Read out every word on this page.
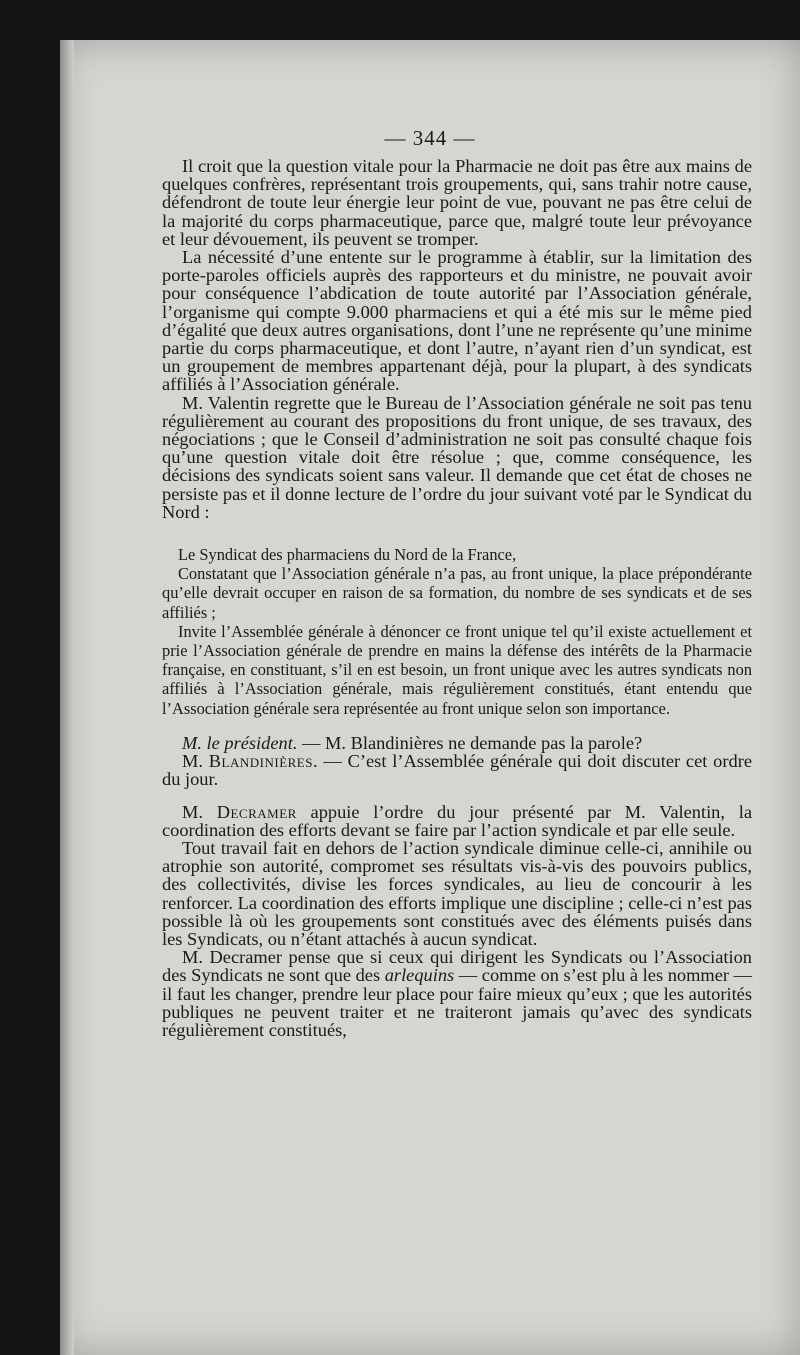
— 344 —

Il croit que la question vitale pour la Pharmacie ne doit pas être aux mains de quelques confrères, représentant trois groupements, qui, sans trahir notre cause, défendront de toute leur énergie leur point de vue, pouvant ne pas être celui de la majorité du corps pharmaceutique, parce que, malgré toute leur prévoyance et leur dévouement, ils peuvent se tromper.

La nécessité d’une entente sur le programme à établir, sur la limitation des porte-paroles officiels auprès des rapporteurs et du ministre, ne pouvait avoir pour conséquence l’abdication de toute autorité par l’Association générale, l’organisme qui compte 9.000 pharmaciens et qui a été mis sur le même pied d’égalité que deux autres organisations, dont l’une ne représente qu’une minime partie du corps pharmaceutique, et dont l’autre, n’ayant rien d’un syndicat, est un groupement de membres appartenant déjà, pour la plupart, à des syndicats affiliés à l’Association générale.

M. Valentin regrette que le Bureau de l’Association générale ne soit pas tenu régulièrement au courant des propositions du front unique, de ses travaux, des négociations ; que le Conseil d’administration ne soit pas consulté chaque fois qu’une question vitale doit être résolue ; que, comme conséquence, les décisions des syndicats soient sans valeur. Il demande que cet état de choses ne persiste pas et il donne lecture de l’ordre du jour suivant voté par le Syndicat du Nord :

Le Syndicat des pharmaciens du Nord de la France,

Constatant que l’Association générale n’a pas, au front unique, la place prépondérante qu’elle devrait occuper en raison de sa formation, du nombre de ses syndicats et de ses affiliés ;

Invite l’Assemblée générale à dénoncer ce front unique tel qu’il existe actuellement et prie l’Association générale de prendre en mains la défense des intérêts de la Pharmacie française, en constituant, s’il en est besoin, un front unique avec les autres syndicats non affiliés à l’Association générale, mais régulièrement constitués, étant entendu que l’Association générale sera représentée au front unique selon son importance.

M. le président. — M. Blandinières ne demande pas la parole?

M. Blandinières. — C’est l’Assemblée générale qui doit discuter cet ordre du jour.

M. Decramer appuie l’ordre du jour présenté par M. Valentin, la coordination des efforts devant se faire par l’action syndicale et par elle seule.

Tout travail fait en dehors de l’action syndicale diminue celle-ci, annihile ou atrophie son autorité, compromet ses résultats vis-à-vis des pouvoirs publics, des collectivités, divise les forces syndicales, au lieu de concourir à les renforcer. La coordination des efforts implique une discipline ; celle-ci n’est pas possible là où les groupements sont constitués avec des éléments puisés dans les Syndicats, ou n’étant attachés à aucun syndicat.

M. Decramer pense que si ceux qui dirigent les Syndicats ou l’Association des Syndicats ne sont que des arlequins — comme on s’est plu à les nommer — il faut les changer, prendre leur place pour faire mieux qu’eux ; que les autorités publiques ne peuvent traiter et ne traiteront jamais qu’avec des syndicats régulièrement constitués,
